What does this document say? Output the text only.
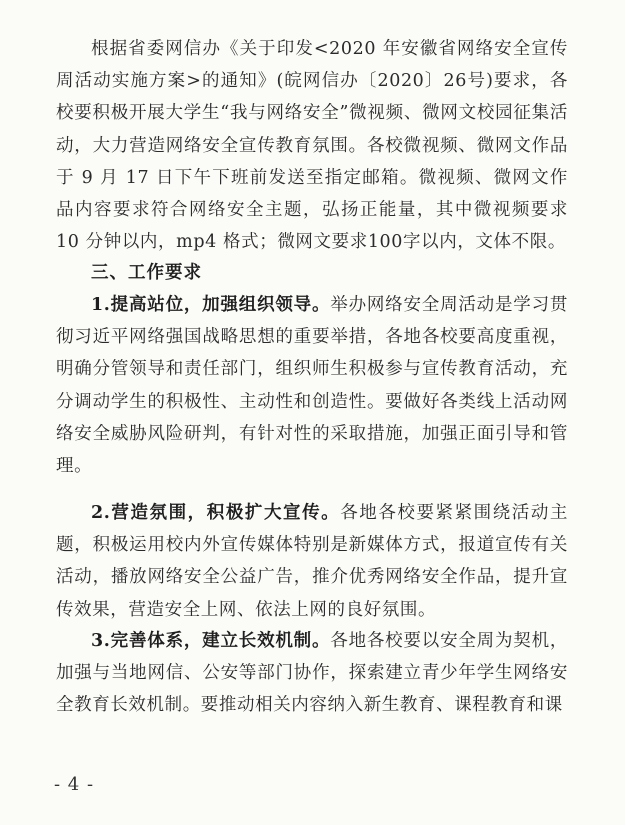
根据省委网信办《关于印发<2020 年安徽省网络安全宣传周活动实施方案>的通知》(皖网信办〔2020〕26号)要求，各校要积极开展大学生“我与网络安全”微视频、微网文校园征集活动，大力营造网络安全宣传教育氛围。各校微视频、微网文作品于 9 月 17 日下午下班前发送至指定邮箱。微视频、微网文作品内容要求符合网络安全主题，弘扬正能量，其中微视频要求 10 分钟以内，mp4 格式；微网文要求100字以内，文体不限。

三、工作要求

1.提高站位，加强组织领导。举办网络安全周活动是学习贯彻习近平网络强国战略思想的重要举措，各地各校要高度重视，明确分管领导和责任部门，组织师生积极参与宣传教育活动，充分调动学生的积极性、主动性和创造性。要做好各类线上活动网络安全威胁风险研判，有针对性的采取措施，加强正面引导和管理。

2.营造氛围，积极扩大宣传。各地各校要紧紧围绕活动主题，积极运用校内外宣传媒体特别是新媒体方式，报道宣传有关活动，播放网络安全公益广告，推介优秀网络安全作品，提升宣传效果，营造安全上网、依法上网的良好氛围。

3.完善体系，建立长效机制。各地各校要以安全周为契机，加强与当地网信、公安等部门协作，探索建立青少年学生网络安全教育长效机制。要推动相关内容纳入新生教育、课程教育和课

- 4 -
